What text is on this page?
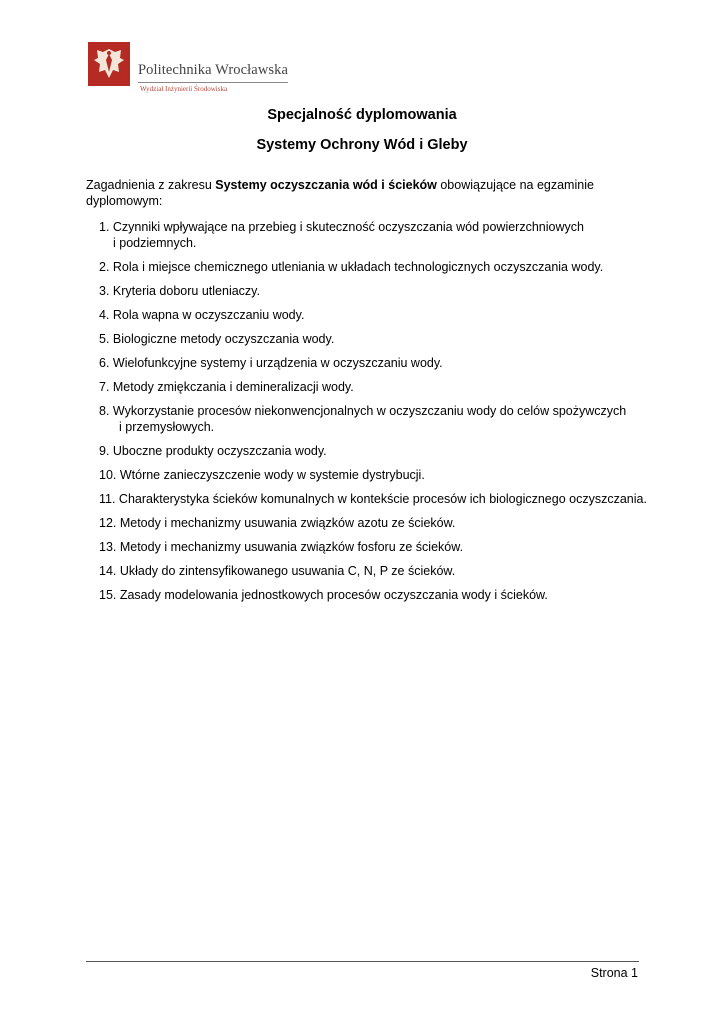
Politechnika Wrocławska
Wydział Inżynierii Środowiska
Specjalność dyplomowania
Systemy Ochrony Wód i Gleby
Zagadnienia z zakresu Systemy oczyszczania wód i ścieków obowiązujące na egzaminie dyplomowym:
1. Czynniki wpływające na przebieg i skuteczność oczyszczania wód powierzchniowych
i podziemnych.
2. Rola i miejsce chemicznego utleniania w układach technologicznych oczyszczania wody.
3. Kryteria doboru utleniaczy.
4. Rola wapna w oczyszczaniu wody.
5. Biologiczne metody oczyszczania wody.
6. Wielofunkcyjne systemy i urządzenia w oczyszczaniu wody.
7. Metody zmiękczania i demineralizacji wody.
8. Wykorzystanie procesów niekonwencjonalnych w oczyszczaniu wody do celów spożywczych
i przemysłowych.
9. Uboczne produkty oczyszczania wody.
10. Wtórne zanieczyszczenie wody w systemie dystrybucji.
11. Charakterystyka ścieków komunalnych w kontekście procesów ich biologicznego oczyszczania.
12. Metody i mechanizmy usuwania związków azotu ze ścieków.
13. Metody i mechanizmy usuwania związków fosforu ze ścieków.
14. Układy do zintensyfikowanego usuwania C, N, P ze ścieków.
15. Zasady modelowania jednostkowych procesów oczyszczania wody i ścieków.
Strona 1
